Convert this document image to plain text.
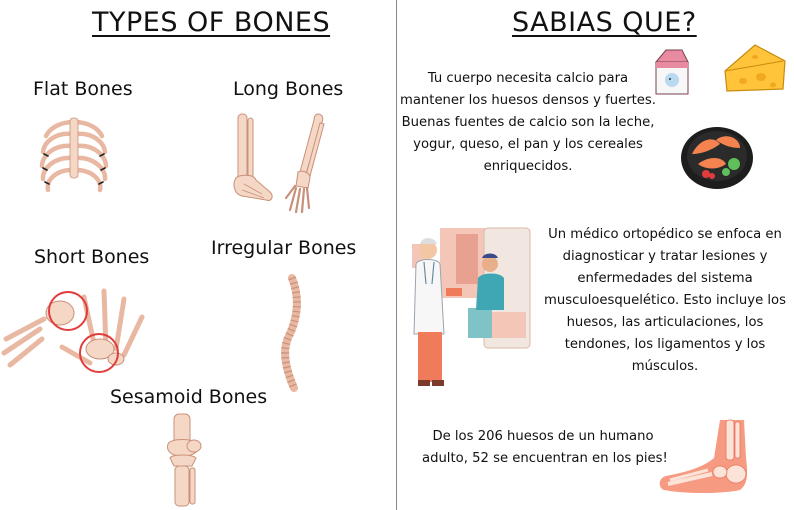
TYPES OF BONES
Flat Bones	Long Bones
Short Bones	Irregular Bones
Sesamoid Bones
SABIAS QUE?
Tu cuerpo necesita calcio para
mantener los huesos densos y fuertes.
Buenas fuentes de calcio son la leche,
yogur, queso, el pan y los cereales
enriquecidos.
Un médico ortopédico se enfoca en
diagnosticar y tratar lesiones y
enfermedades del sistema
musculoesquelético. Esto incluye los
huesos, las articulaciones, los
tendones, los ligamentos y los
músculos.
De los 206 huesos de un humano
adulto, 52 se encuentran en los pies!
